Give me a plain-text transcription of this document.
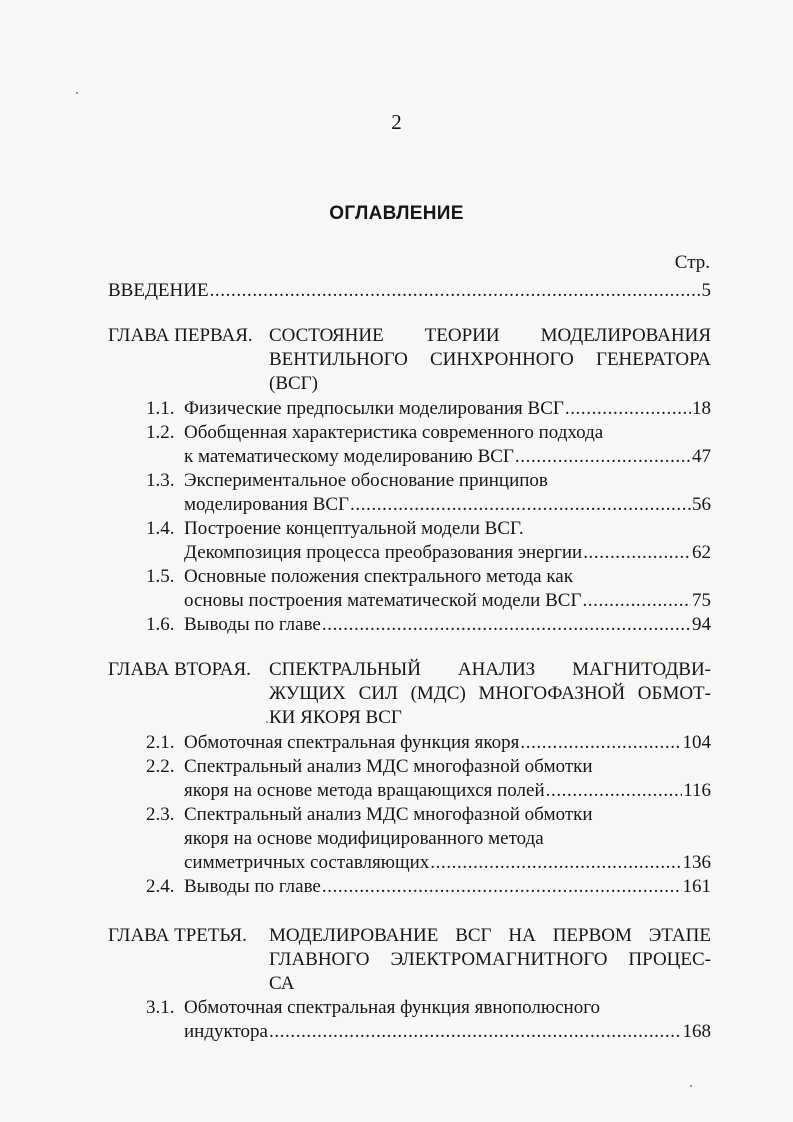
2
ОГЛАВЛЕНИЕ
Стр.
ВВЕДЕНИЕ .....	5
ГЛАВА ПЕРВАЯ. СОСТОЯНИЕ ТЕОРИИ МОДЕЛИРОВАНИЯ
ВЕНТИЛЬНОГО СИНХРОННОГО ГЕНЕРАТОРА
(ВСГ)
1.1. Физические предпосылки моделирования ВСГ .....	18
1.2. Обобщенная характеристика современного подхода
к математическому моделированию ВСГ .....	47
1.3. Экспериментальное обоснование принципов
моделирования ВСГ .....	56
1.4. Построение концептуальной модели ВСГ.
Декомпозиция процесса преобразования энергии .....	62
1.5. Основные положения спектрального метода как
основы построения математической модели ВСГ .....	75
1.6. Выводы по главе .....	94
ГЛАВА ВТОРАЯ. СПЕКТРАЛЬНЫЙ АНАЛИЗ МАГНИТОДВИ-
ЖУЩИХ СИЛ (МДС) МНОГОФАЗНОЙ ОБМОТ-
КИ ЯКОРЯ ВСГ
2.1. Обмоточная спектральная функция якоря .....	104
2.2. Спектральный анализ МДС многофазной обмотки
якоря на основе метода вращающихся полей .....	116
2.3. Спектральный анализ МДС многофазной обмотки
якоря на основе модифицированного метода
симметричных составляющих .....	136
2.4. Выводы по главе .....	161
ГЛАВА ТРЕТЬЯ. МОДЕЛИРОВАНИЕ ВСГ НА ПЕРВОМ ЭТАПЕ
ГЛАВНОГО ЭЛЕКТРОМАГНИТНОГО ПРОЦЕС-
СА
3.1. Обмоточная спектральная функция явнополюсного
индуктора .....	168
